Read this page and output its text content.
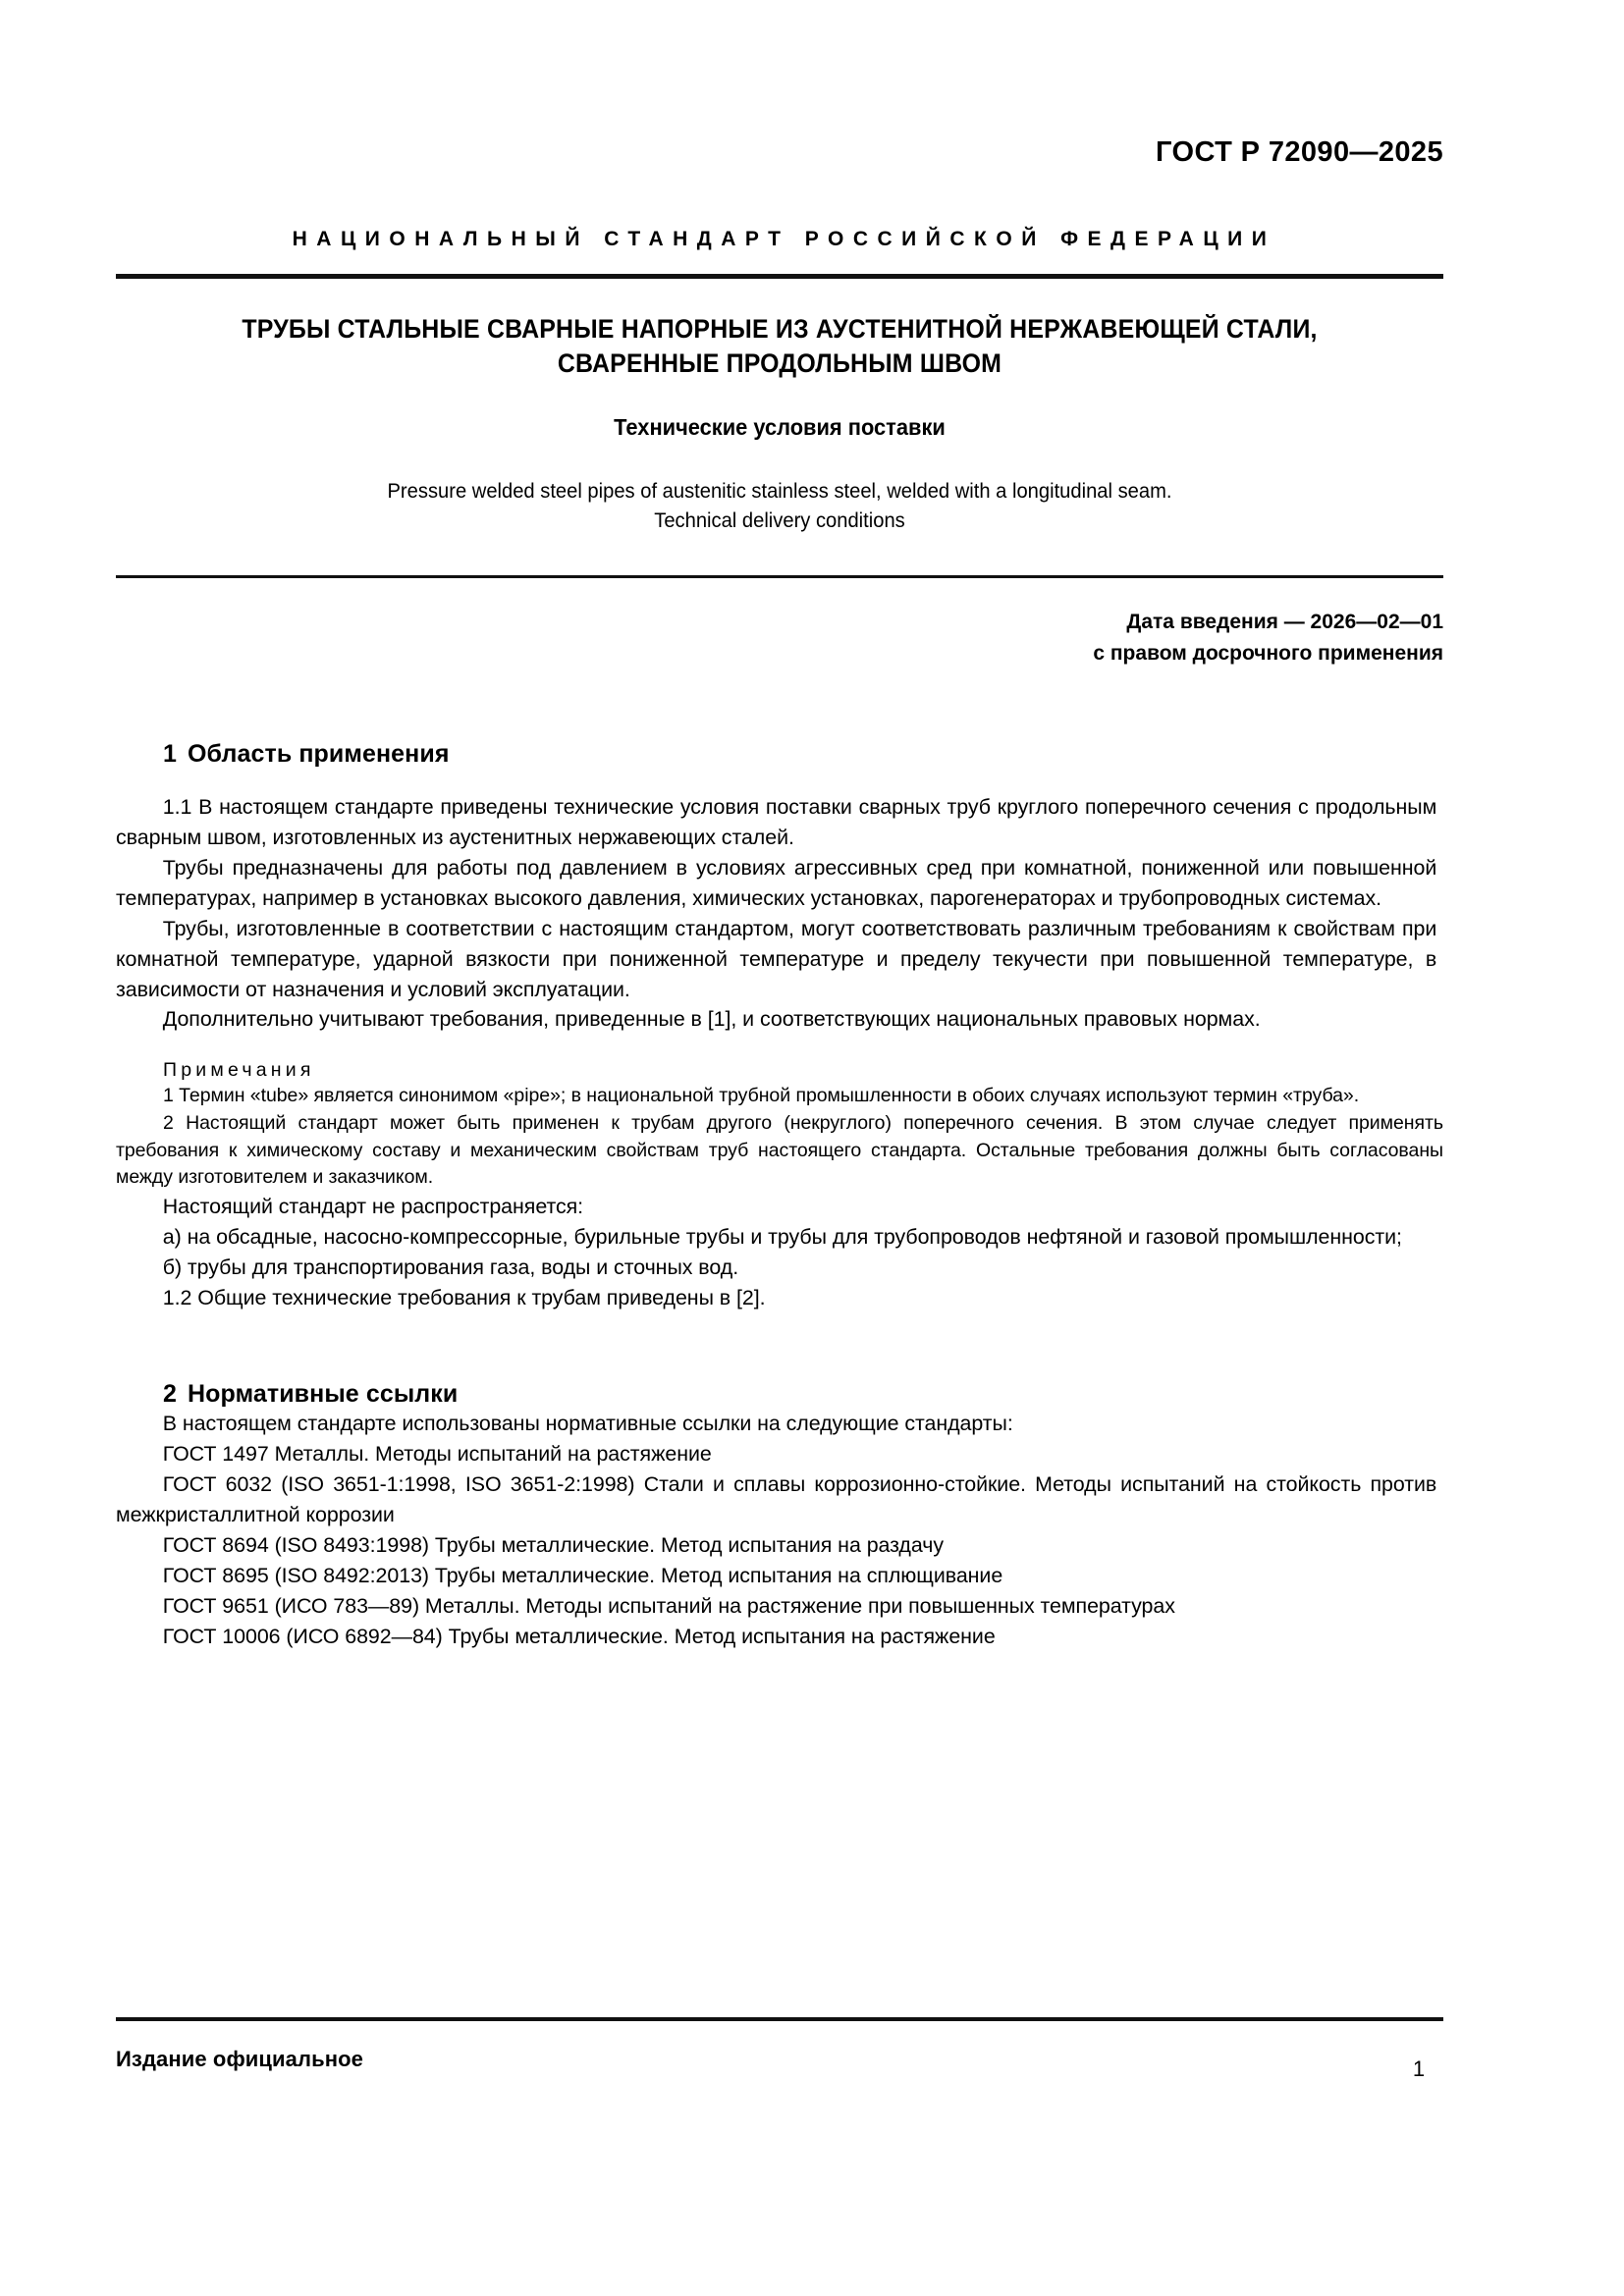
ГОСТ Р 72090—2025
НАЦИОНАЛЬНЫЙ СТАНДАРТ РОССИЙСКОЙ ФЕДЕРАЦИИ
ТРУБЫ СТАЛЬНЫЕ СВАРНЫЕ НАПОРНЫЕ ИЗ АУСТЕНИТНОЙ НЕРЖАВЕЮЩЕЙ СТАЛИ,
СВАРЕННЫЕ ПРОДОЛЬНЫМ ШВОМ
Технические условия поставки
Pressure welded steel pipes of austenitic stainless steel, welded with a longitudinal seam.
Technical delivery conditions
Дата введения — 2026—02—01
с правом досрочного применения
1 Область применения

1.1 В настоящем стандарте приведены технические условия поставки сварных труб круглого поперечного сечения с продольным сварным швом, изготовленных из аустенитных нержавеющих сталей.

Трубы предназначены для работы под давлением в условиях агрессивных сред при комнатной, пониженной или повышенной температурах, например в установках высокого давления, химических установках, парогенераторах и трубопроводных системах.

Трубы, изготовленные в соответствии с настоящим стандартом, могут соответствовать различным требованиям к свойствам при комнатной температуре, ударной вязкости при пониженной температуре и пределу текучести при повышенной температуре, в зависимости от назначения и условий эксплуатации.

Дополнительно учитывают требования, приведенные в [1], и соответствующих национальных правовых нормах.

Примечания

1 Термин «tube» является синонимом «pipe»; в национальной трубной промышленности в обоих случаях используют термин «труба».

2 Настоящий стандарт может быть применен к трубам другого (некруглого) поперечного сечения. В этом случае следует применять требования к химическому составу и механическим свойствам труб настоящего стандарта. Остальные требования должны быть согласованы между изготовителем и заказчиком.

Настоящий стандарт не распространяется:

а) на обсадные, насосно-компрессорные, бурильные трубы и трубы для трубопроводов нефтяной и газовой промышленности;

б) трубы для транспортирования газа, воды и сточных вод.

1.2 Общие технические требования к трубам приведены в [2].

2 Нормативные ссылки

В настоящем стандарте использованы нормативные ссылки на следующие стандарты:

ГОСТ 1497 Металлы. Методы испытаний на растяжение

ГОСТ 6032 (ISO 3651-1:1998, ISO 3651-2:1998) Стали и сплавы коррозионно-стойкие. Методы испытаний на стойкость против межкристаллитной коррозии

ГОСТ 8694 (ISO 8493:1998) Трубы металлические. Метод испытания на раздачу

ГОСТ 8695 (ISO 8492:2013) Трубы металлические. Метод испытания на сплющивание

ГОСТ 9651 (ИСО 783—89) Металлы. Методы испытаний на растяжение при повышенных температурах

ГОСТ 10006 (ИСО 6892—84) Трубы металлические. Метод испытания на растяжение

Издание официальное	1
